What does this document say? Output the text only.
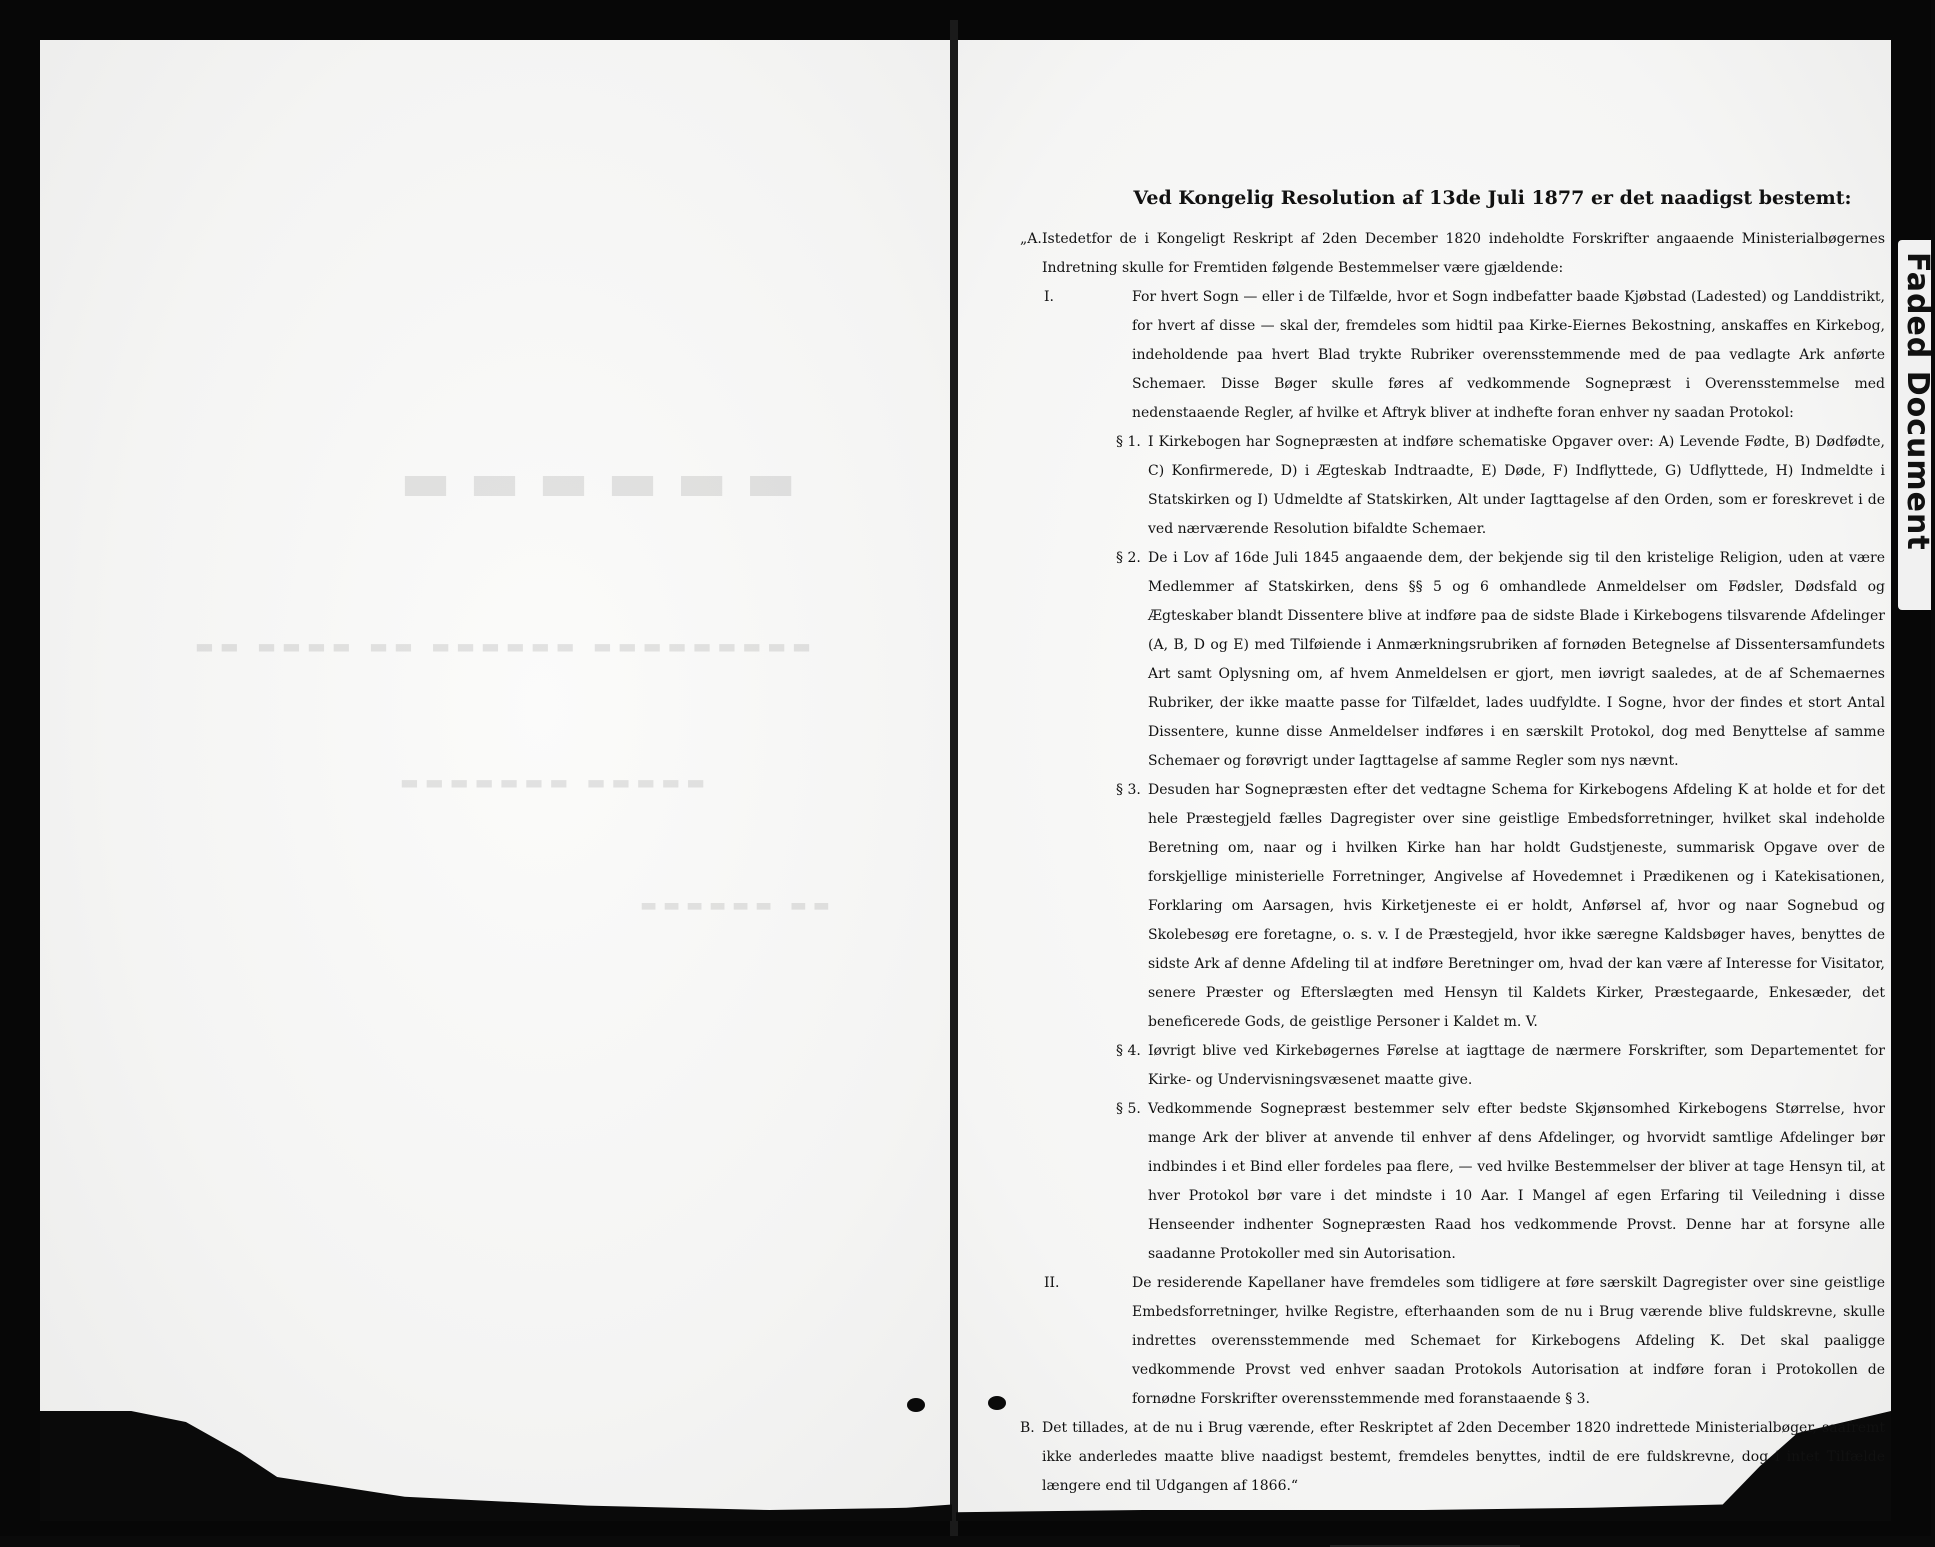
▬▬▬▬▬▬
▬▬ ▬▬▬▬ ▬▬ ▬▬▬▬▬▬ ▬▬▬▬▬▬▬▬▬
▬▬▬▬▬▬▬ ▬▬▬▬▬
▬▬▬▬▬▬ ▬▬
Faded Document
Ved Kongelig Resolution af 13de Juli 1877 er det naadigst bestemt:
„A. Istedetfor de i Kongeligt Reskript af 2den December 1820 indeholdte Forskrifter angaaende Ministerialbøgernes Indretning skulle for Fremtiden følgende Bestemmelser være gjældende:
I.	For hvert Sogn — eller i de Tilfælde, hvor et Sogn indbefatter baade Kjøbstad (Ladested) og Landdistrikt, for hvert af disse — skal der, fremdeles som hidtil paa Kirke-Eiernes Bekostning, anskaffes en Kirkebog, indeholdende paa hvert Blad trykte Rubriker overensstemmende med de paa vedlagte Ark anførte Schemaer. Disse Bøger skulle føres af vedkommende Sognepræst i Overensstemmelse med nedenstaaende Regler, af hvilke et Aftryk bliver at indhefte foran enhver ny saadan Protokol:
§ 1. I Kirkebogen har Sognepræsten at indføre schematiske Opgaver over: A) Levende Fødte, B) Dødfødte, C) Konfirmerede, D) i Ægteskab Indtraadte, E) Døde, F) Indflyttede, G) Udflyttede, H) Indmeldte i Statskirken og I) Udmeldte af Statskirken, Alt under Iagttagelse af den Orden, som er foreskrevet i de ved nærværende Resolution bifaldte Schemaer.
§ 2. De i Lov af 16de Juli 1845 angaaende dem, der bekjende sig til den kristelige Religion, uden at være Medlemmer af Statskirken, dens §§ 5 og 6 omhandlede Anmeldelser om Fødsler, Dødsfald og Ægteskaber blandt Dissentere blive at indføre paa de sidste Blade i Kirkebogens tilsvarende Afdelinger (A, B, D og E) med Tilføiende i Anmærkningsrubriken af fornøden Betegnelse af Dissentersamfundets Art samt Oplysning om, af hvem Anmeldelsen er gjort, men iøvrigt saaledes, at de af Schemaernes Rubriker, der ikke maatte passe for Tilfældet, lades uudfyldte. I Sogne, hvor der findes et stort Antal Dissentere, kunne disse Anmeldelser indføres i en særskilt Protokol, dog med Benyttelse af samme Schemaer og forøvrigt under Iagttagelse af samme Regler som nys nævnt.
§ 3. Desuden har Sognepræsten efter det vedtagne Schema for Kirkebogens Afdeling K at holde et for det hele Præstegjeld fælles Dagregister over sine geistlige Embedsforretninger, hvilket skal indeholde Beretning om, naar og i hvilken Kirke han har holdt Gudstjeneste, summarisk Opgave over de forskjellige ministerielle Forretninger, Angivelse af Hovedemnet i Prædikenen og i Katekisationen, Forklaring om Aarsagen, hvis Kirketjeneste ei er holdt, Anførsel af, hvor og naar Sognebud og Skolebesøg ere foretagne, o. s. v. I de Præstegjeld, hvor ikke særegne Kaldsbøger haves, benyttes de sidste Ark af denne Afdeling til at indføre Beretninger om, hvad der kan være af Interesse for Visitator, senere Præster og Efterslægten med Hensyn til Kaldets Kirker, Præstegaarde, Enkesæder, det beneficerede Gods, de geistlige Personer i Kaldet m. V.
§ 4. Iøvrigt blive ved Kirkebøgernes Førelse at iagttage de nærmere Forskrifter, som Departementet for Kirke- og Undervisningsvæsenet maatte give.
§ 5. Vedkommende Sognepræst bestemmer selv efter bedste Skjønsomhed Kirkebogens Størrelse, hvor mange Ark der bliver at anvende til enhver af dens Afdelinger, og hvorvidt samtlige Afdelinger bør indbindes i et Bind eller fordeles paa flere, — ved hvilke Bestemmelser der bliver at tage Hensyn til, at hver Protokol bør vare i det mindste i 10 Aar. I Mangel af egen Erfaring til Veiledning i disse Henseender indhenter Sognepræsten Raad hos vedkommende Provst. Denne har at forsyne alle saadanne Protokoller med sin Autorisation.
II.	De residerende Kapellaner have fremdeles som tidligere at føre særskilt Dagregister over sine geistlige Embedsforretninger, hvilke Registre, efterhaanden som de nu i Brug værende blive fuldskrevne, skulle indrettes overensstemmende med Schemaet for Kirkebogens Afdeling K. Det skal paaligge vedkommende Provst ved enhver saadan Protokols Autorisation at indføre foran i Protokollen de fornødne Forskrifter overensstemmende med foranstaaende § 3.
B. Det tillades, at de nu i Brug værende, efter Reskriptet af 2den December 1820 indrettede Ministerialbøger, saafremt ikke anderledes maatte blive naadigst bestemt, fremdeles benyttes, indtil de ere fuldskrevne, dog i intet Tilfælde længere end til Udgangen af 1866.“
